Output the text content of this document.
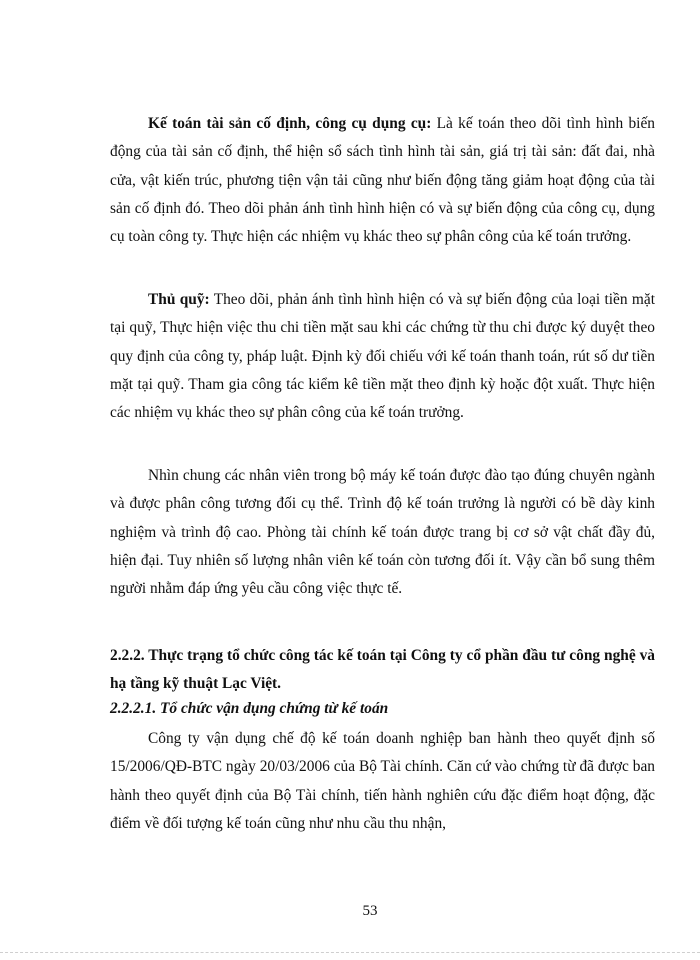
Kế toán tài sản cố định, công cụ dụng cụ: Là kế toán theo dõi tình hình biến động của tài sản cố định, thể hiện sổ sách tình hình tài sản, giá trị tài sản: đất đai, nhà cửa, vật kiến trúc, phương tiện vận tải cũng như biến động tăng giảm hoạt động của tài sản cố định đó. Theo dõi phản ánh tình hình hiện có và sự biến động của công cụ, dụng cụ toàn công ty. Thực hiện các nhiệm vụ khác theo sự phân công của kế toán trưởng.

Thủ quỹ: Theo dõi, phản ánh tình hình hiện có và sự biến động của loại tiền mặt tại quỹ, Thực hiện việc thu chi tiền mặt sau khi các chứng từ thu chi được ký duyệt theo quy định của công ty, pháp luật. Định kỳ đối chiếu với kế toán thanh toán, rút số dư tiền mặt tại quỹ. Tham gia công tác kiểm kê tiền mặt theo định kỳ hoặc đột xuất. Thực hiện các nhiệm vụ khác theo sự phân công của kế toán trưởng.

Nhìn chung các nhân viên trong bộ máy kế toán được đào tạo đúng chuyên ngành và được phân công tương đối cụ thể. Trình độ kế toán trưởng là người có bề dày kinh nghiệm và trình độ cao. Phòng tài chính kế toán được trang bị cơ sở vật chất đầy đủ, hiện đại. Tuy nhiên số lượng nhân viên kế toán còn tương đối ít. Vậy cần bổ sung thêm người nhằm đáp ứng yêu cầu công việc thực tế.

2.2.2. Thực trạng tổ chức công tác kế toán tại Công ty cổ phần đầu tư công nghệ và hạ tầng kỹ thuật Lạc Việt.

2.2.2.1. Tổ chức vận dụng chứng từ kế toán

Công ty vận dụng chế độ kế toán doanh nghiệp ban hành theo quyết định số 15/2006/QĐ-BTC ngày 20/03/2006 của Bộ Tài chính. Căn cứ vào chứng từ đã được ban hành theo quyết định của Bộ Tài chính, tiến hành nghiên cứu đặc điểm hoạt động, đặc điểm về đối tượng kế toán cũng như nhu cầu thu nhận,

53
